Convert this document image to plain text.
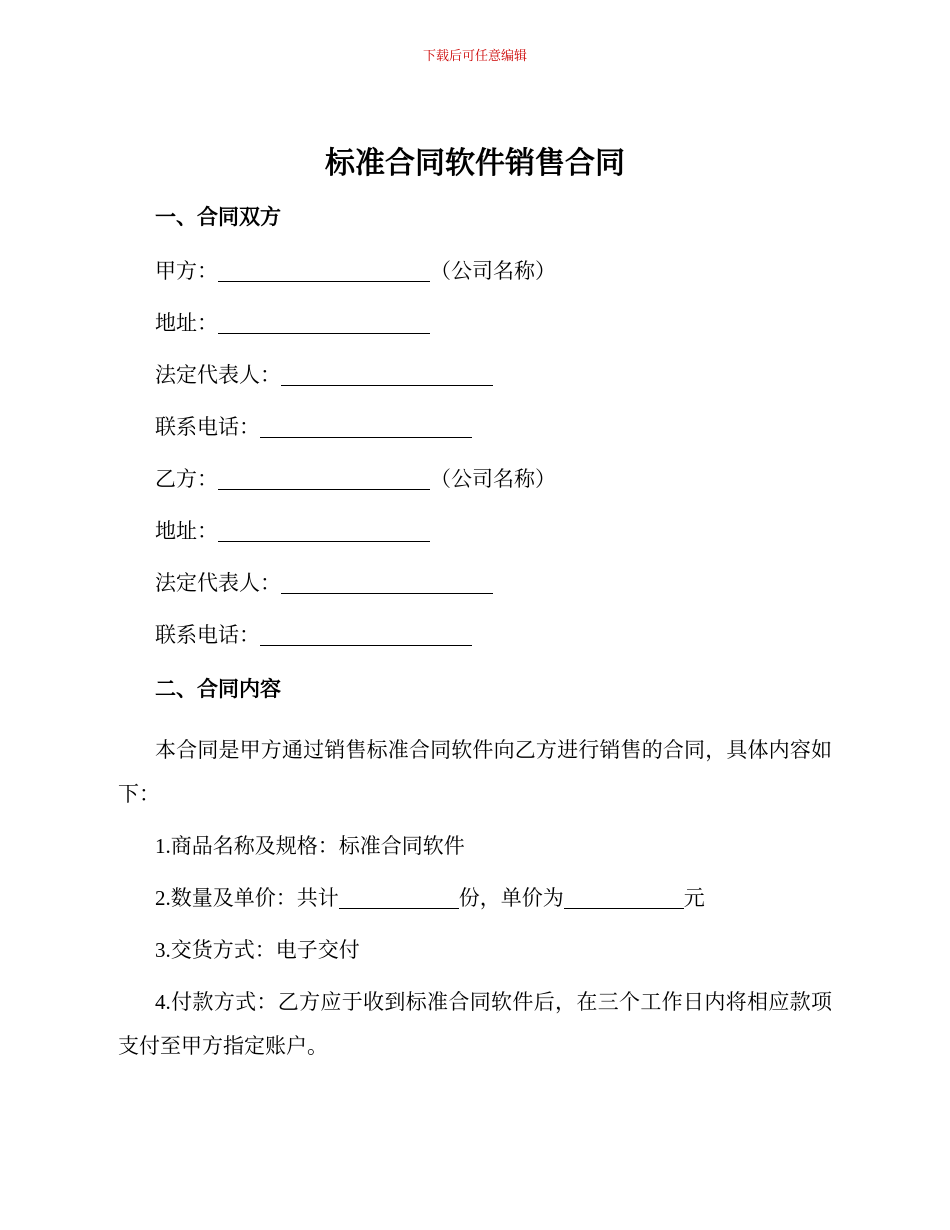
下载后可任意编辑
标准合同软件销售合同
一、合同双方
甲方：	（公司名称）
地址：
法定代表人：
联系电话：
乙方：	（公司名称）
地址：
法定代表人：
联系电话：
二、合同内容

本合同是甲方通过销售标准合同软件向乙方进行销售的合同，具体内容如下：

1.商品名称及规格：标准合同软件

2.数量及单价：共计	份，单价为	元

3.交货方式：电子交付

4.付款方式：乙方应于收到标准合同软件后，在三个工作日内将相应款项支付至甲方指定账户。
